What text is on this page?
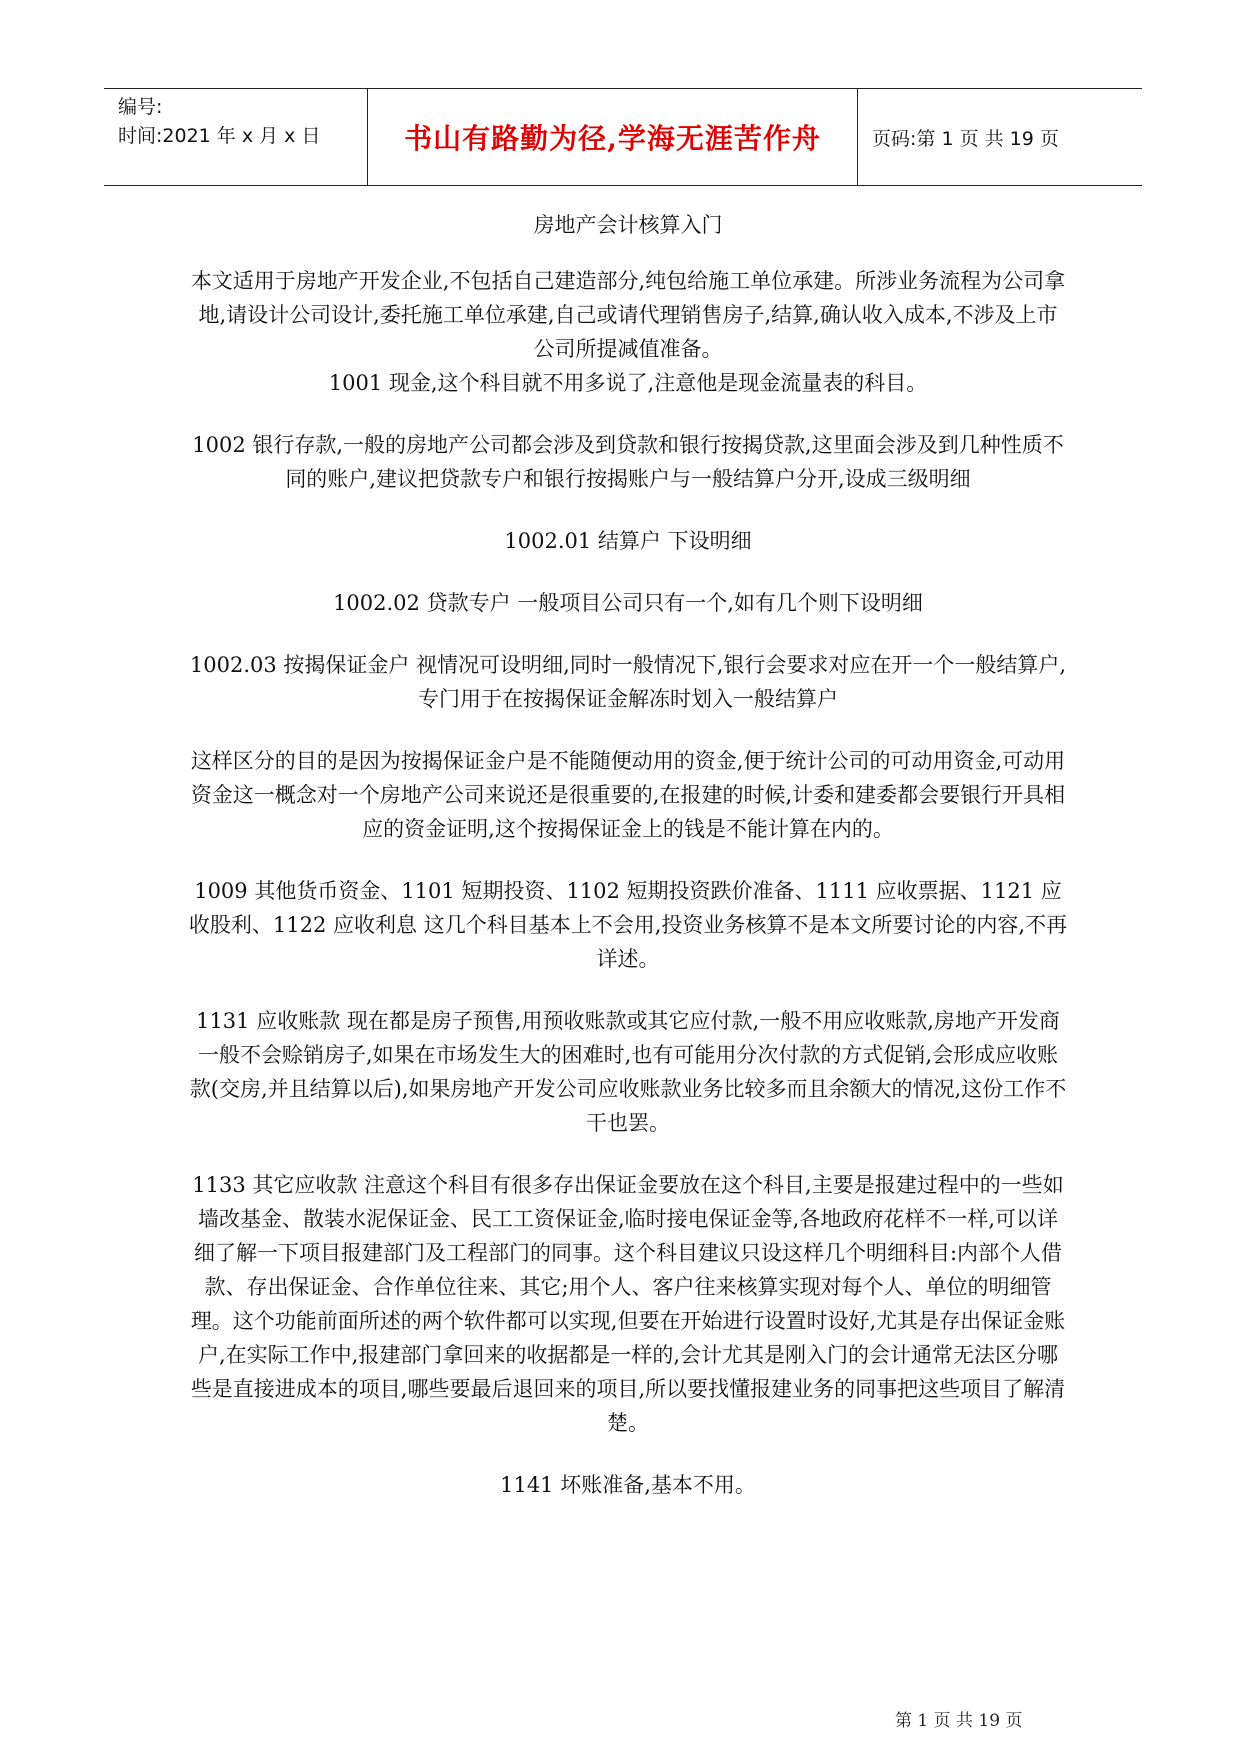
编号:
时间:2021 年 x 月 x 日	书山有路勤为径,学海无涯苦作舟	页码:第 1 页 共 19 页
房地产会计核算入门

本文适用于房地产开发企业,不包括自己建造部分,纯包给施工单位承建。所涉业务流程为公司拿地,请设计公司设计,委托施工单位承建,自己或请代理销售房子,结算,确认收入成本,不涉及上市公司所提减值准备。

1001 现金,这个科目就不用多说了,注意他是现金流量表的科目。

1002 银行存款,一般的房地产公司都会涉及到贷款和银行按揭贷款,这里面会涉及到几种性质不同的账户,建议把贷款专户和银行按揭账户与一般结算户分开,设成三级明细

1002.01 结算户 下设明细

1002.02 贷款专户 一般项目公司只有一个,如有几个则下设明细

1002.03 按揭保证金户 视情况可设明细,同时一般情况下,银行会要求对应在开一个一般结算户,专门用于在按揭保证金解冻时划入一般结算户

这样区分的目的是因为按揭保证金户是不能随便动用的资金,便于统计公司的可动用资金,可动用资金这一概念对一个房地产公司来说还是很重要的,在报建的时候,计委和建委都会要银行开具相应的资金证明,这个按揭保证金上的钱是不能计算在内的。

1009 其他货币资金、1101 短期投资、1102 短期投资跌价准备、1111 应收票据、1121 应收股利、1122 应收利息 这几个科目基本上不会用,投资业务核算不是本文所要讨论的内容,不再详述。

1131 应收账款 现在都是房子预售,用预收账款或其它应付款,一般不用应收账款,房地产开发商一般不会赊销房子,如果在市场发生大的困难时,也有可能用分次付款的方式促销,会形成应收账款(交房,并且结算以后),如果房地产开发公司应收账款业务比较多而且余额大的情况,这份工作不干也罢。

1133 其它应收款 注意这个科目有很多存出保证金要放在这个科目,主要是报建过程中的一些如墙改基金、散装水泥保证金、民工工资保证金,临时接电保证金等,各地政府花样不一样,可以详细了解一下项目报建部门及工程部门的同事。这个科目建议只设这样几个明细科目:内部个人借款、存出保证金、合作单位往来、其它;用个人、客户往来核算实现对每个人、单位的明细管理。这个功能前面所述的两个软件都可以实现,但要在开始进行设置时设好,尤其是存出保证金账户,在实际工作中,报建部门拿回来的收据都是一样的,会计尤其是刚入门的会计通常无法区分哪些是直接进成本的项目,哪些要最后退回来的项目,所以要找懂报建业务的同事把这些项目了解清楚。

1141 坏账准备,基本不用。

第 1 页 共 19 页
